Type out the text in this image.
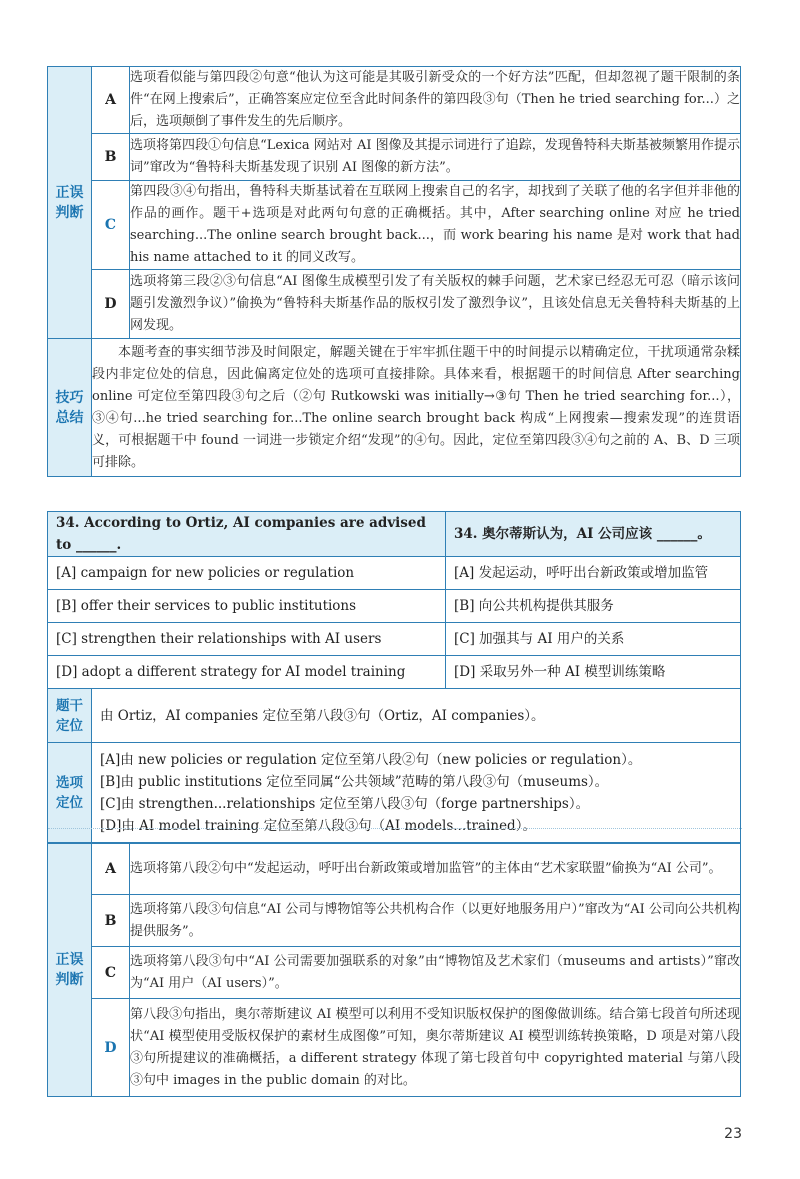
正误
判断	A	选项看似能与第四段②句意“他认为这可能是其吸引新受众的一个好方法”匹配，但却忽视了题干限制的条件“在网上搜索后”，正确答案应定位至含此时间条件的第四段③句（Then he tried searching for...）之后，选项颠倒了事件发生的先后顺序。
	B	选项将第四段①句信息“Lexica 网站对 AI 图像及其提示词进行了追踪，发现鲁特科夫斯基被频繁用作提示词”窜改为“鲁特科夫斯基发现了识别 AI 图像的新方法”。
	C	第四段③④句指出，鲁特科夫斯基试着在互联网上搜索自己的名字，却找到了关联了他的名字但并非他的作品的画作。题干+选项是对此两句句意的正确概括。其中，After searching online 对应 he tried searching...The online search brought back...，而 work bearing his name 是对 work that had his name attached to it 的同义改写。
	D	选项将第三段②③句信息“AI 图像生成模型引发了有关版权的棘手问题，艺术家已经忍无可忍（暗示该问题引发激烈争议）”偷换为“鲁特科夫斯基作品的版权引发了激烈争议”，且该处信息无关鲁特科夫斯基的上网发现。
技巧
总结	本题考查的事实细节涉及时间限定，解题关键在于牢牢抓住题干中的时间提示以精确定位，干扰项通常杂糅段内非定位处的信息，因此偏离定位处的选项可直接排除。具体来看，根据题干的时间信息 After searching online 可定位至第四段③句之后（②句 Rutkowski was initially→③句 Then he tried searching for...），③④句...he tried searching for...The online search brought back 构成“上网搜索—搜索发现”的连贯语义，可根据题干中 found 一词进一步锁定介绍“发现”的④句。因此，定位至第四段③④句之前的 A、B、D 三项可排除。	
34. According to Ortiz, AI companies are advised to ______.		34. 奥尔蒂斯认为，AI 公司应该 ______。
[A] campaign for new policies or regulation		[A] 发起运动，呼吁出台新政策或增加监管
[B] offer their services to public institutions		[B] 向公共机构提供其服务
[C] strengthen their relationships with AI users		[C] 加强其与 AI 用户的关系
[D] adopt a different strategy for AI model training		[D] 采取另外一种 AI 模型训练策略
题干
定位	由 Ortiz，AI companies 定位至第八段③句（Ortiz，AI companies）。	
选项
定位	[A]由 new policies or regulation 定位至第八段②句（new policies or regulation）。
[B]由 public institutions 定位至同属“公共领域”范畴的第八段③句（museums）。
[C]由 strengthen...relationships 定位至第八段③句（forge partnerships）。
[D]由 AI model training 定位至第八段③句（AI models...trained）。	
正误
判断	A	选项将第八段②句中“发起运动，呼吁出台新政策或增加监管”的主体由“艺术家联盟”偷换为“AI 公司”。
	B	选项将第八段③句信息“AI 公司与博物馆等公共机构合作（以更好地服务用户）”窜改为“AI 公司向公共机构提供服务”。
	C	选项将第八段③句中“AI 公司需要加强联系的对象”由“博物馆及艺术家们（museums and artists）”窜改为“AI 用户（AI users）”。
	D	第八段③句指出，奥尔蒂斯建议 AI 模型可以利用不受知识版权保护的图像做训练。结合第七段首句所述现状“AI 模型使用受版权保护的素材生成图像”可知，奥尔蒂斯建议 AI 模型训练转换策略，D 项是对第八段③句所提建议的准确概括，a different strategy 体现了第七段首句中 copyrighted material 与第八段③句中 images in the public domain 的对比。
23
